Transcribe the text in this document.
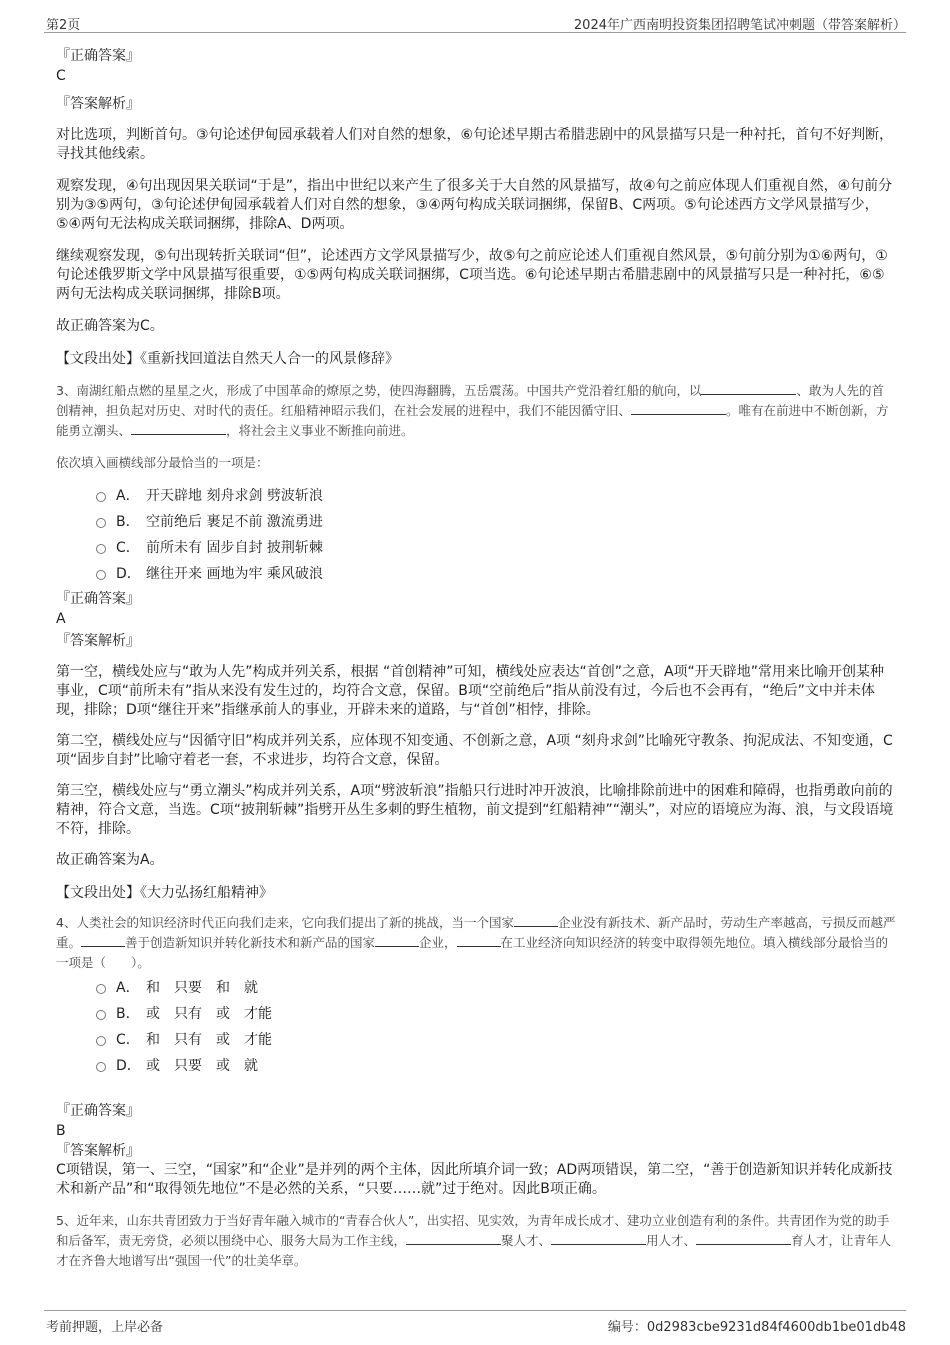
第2页	2024年广西南明投资集团招聘笔试冲刺题（带答案解析）

『正确答案』

C

『答案解析』

对比选项，判断首句。③句论述伊甸园承载着人们对自然的想象，⑥句论述早期古希腊悲剧中的风景描写只是一种衬托，首句不好判断，寻找其他线索。

观察发现，④句出现因果关联词“于是”，指出中世纪以来产生了很多关于大自然的风景描写，故④句之前应体现人们重视自然，④句前分别为③⑤两句，③句论述伊甸园承载着人们对自然的想象，③④两句构成关联词捆绑，保留B、C两项。⑤句论述西方文学风景描写少，⑤④两句无法构成关联词捆绑，排除A、D两项。

继续观察发现，⑤句出现转折关联词“但”，论述西方文学风景描写少，故⑤句之前应论述人们重视自然风景，⑤句前分别为①⑥两句，①句论述俄罗斯文学中风景描写很重要，①⑤两句构成关联词捆绑，C项当选。⑥句论述早期古希腊悲剧中的风景描写只是一种衬托，⑥⑤两句无法构成关联词捆绑，排除B项。

故正确答案为C。

【文段出处】《重新找回道法自然天人合一的风景修辞》

3、南湖红船点燃的星星之火，形成了中国革命的燎原之势，使四海翻腾，五岳震荡。中国共产党沿着红船的航向，以	、敢为人先的首创精神，担负起对历史、对时代的责任。红船精神昭示我们，在社会发展的进程中，我们不能因循守旧、	。唯有在前进中不断创新，方能勇立潮头、	，将社会主义事业不断推向前进。

依次填入画横线部分最恰当的一项是：

A． 开天辟地 刻舟求剑 劈波斩浪
B． 空前绝后 裹足不前 激流勇进
C． 前所未有 固步自封 披荆斩棘
D． 继往开来 画地为牢 乘风破浪

『正确答案』

A

『答案解析』

第一空，横线处应与“敢为人先”构成并列关系，根据 “首创精神”可知，横线处应表达“首创”之意，A项“开天辟地”常用来比喻开创某种事业，C项“前所未有”指从来没有发生过的，均符合文意，保留。B项“空前绝后”指从前没有过，今后也不会再有，“绝后”文中并未体现，排除；D项“继往开来”指继承前人的事业，开辟未来的道路，与“首创”相悖，排除。

第二空，横线处应与“因循守旧”构成并列关系，应体现不知变通、不创新之意，A项 “刻舟求剑”比喻死守教条、拘泥成法、不知变通，C项“固步自封”比喻守着老一套，不求进步，均符合文意，保留。

第三空，横线处应与“勇立潮头”构成并列关系，A项“劈波斩浪”指船只行进时冲开波浪，比喻排除前进中的困难和障碍，也指勇敢向前的精神，符合文意，当选。C项“披荆斩棘”指劈开丛生多刺的野生植物，前文提到“红船精神”“潮头”，对应的语境应为海、浪，与文段语境不符，排除。

故正确答案为A。

【文段出处】《大力弘扬红船精神》

4、人类社会的知识经济时代正向我们走来，它向我们提出了新的挑战，当一个国家	企业没有新技术、新产品时，劳动生产率越高，亏损反而越严重。	善于创造新知识并转化新技术和新产品的国家	企业，	在工业经济向知识经济的转变中取得领先地位。填入横线部分最恰当的一项是（　　）。

A． 和　只要　和　就
B． 或　只有　或　才能
C． 和　只有　或　才能
D． 或　只要　或　就

『正确答案』

B

『答案解析』

C项错误，第一、三空，“国家”和“企业”是并列的两个主体，因此所填介词一致；AD两项错误，第二空，“善于创造新知识并转化成新技术和新产品”和“取得领先地位”不是必然的关系，“只要……就”过于绝对。因此B项正确。

5、近年来，山东共青团致力于当好青年融入城市的“青春合伙人”，出实招、见实效，为青年成长成才、建功立业创造有利的条件。共青团作为党的助手和后备军，责无旁贷，必须以围绕中心、服务大局为工作主线，	聚人才、	用人才、	育人才，让青年人才在齐鲁大地谱写出“强国一代”的壮美华章。

考前押题，上岸必备	编号：0d2983cbe9231d84f4600db1be01db48
